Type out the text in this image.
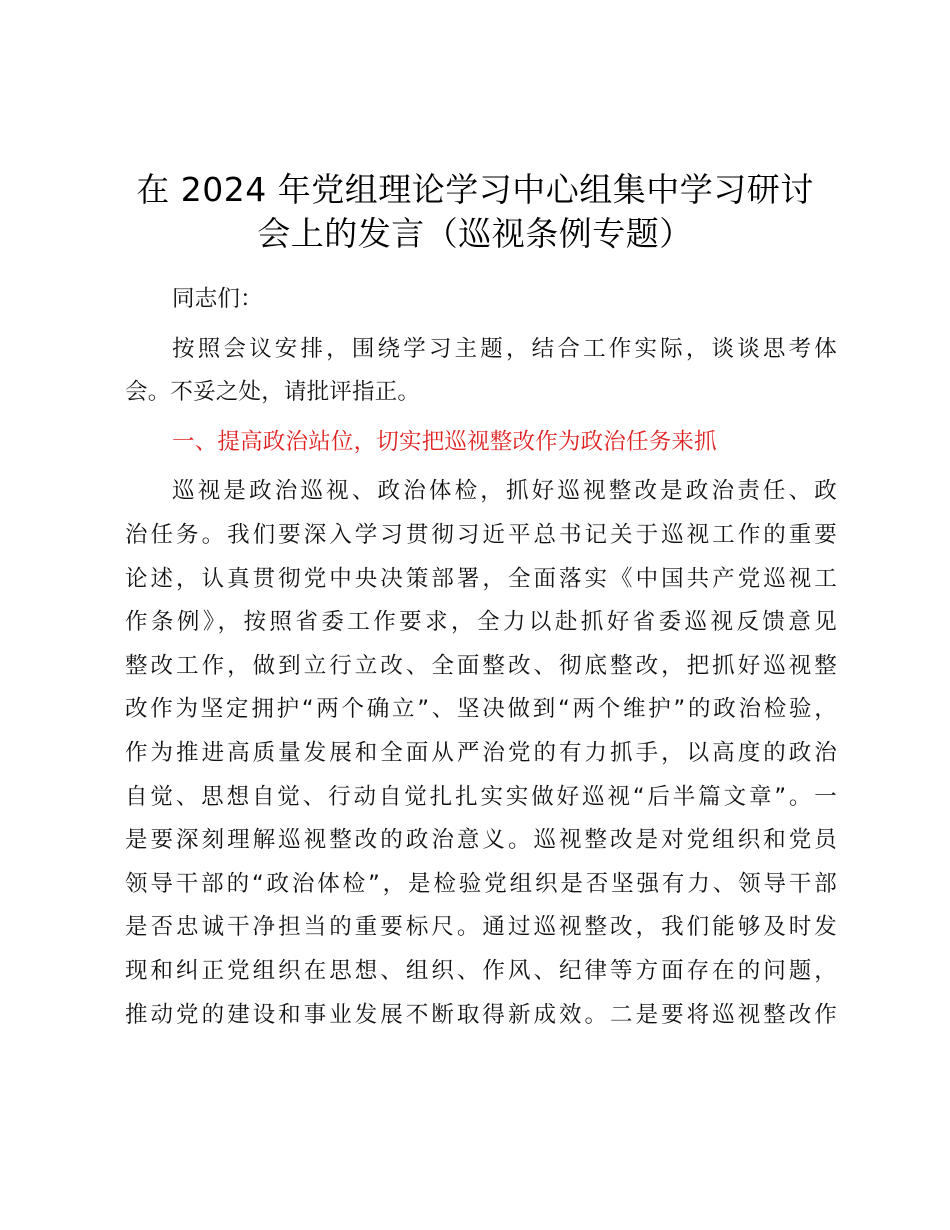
在 2024 年党组理论学习中心组集中学习研讨
会上的发言（巡视条例专题）

同志们：

按照会议安排，围绕学习主题，结合工作实际，谈谈思考体
会。不妥之处，请批评指正。

一、提高政治站位，切实把巡视整改作为政治任务来抓

巡视是政治巡视、政治体检，抓好巡视整改是政治责任、政
治任务。我们要深入学习贯彻习近平总书记关于巡视工作的重要
论述，认真贯彻党中央决策部署，全面落实《中国共产党巡视工
作条例》，按照省委工作要求，全力以赴抓好省委巡视反馈意见
整改工作，做到立行立改、全面整改、彻底整改，把抓好巡视整
改作为坚定拥护“两个确立”、坚决做到“两个维护”的政治检验，
作为推进高质量发展和全面从严治党的有力抓手，以高度的政治
自觉、思想自觉、行动自觉扎扎实实做好巡视“后半篇文章”。一
是要深刻理解巡视整改的政治意义。巡视整改是对党组织和党员
领导干部的“政治体检”，是检验党组织是否坚强有力、领导干部
是否忠诚干净担当的重要标尺。通过巡视整改，我们能够及时发
现和纠正党组织在思想、组织、作风、纪律等方面存在的问题，
推动党的建设和事业发展不断取得新成效。二是要将巡视整改作
